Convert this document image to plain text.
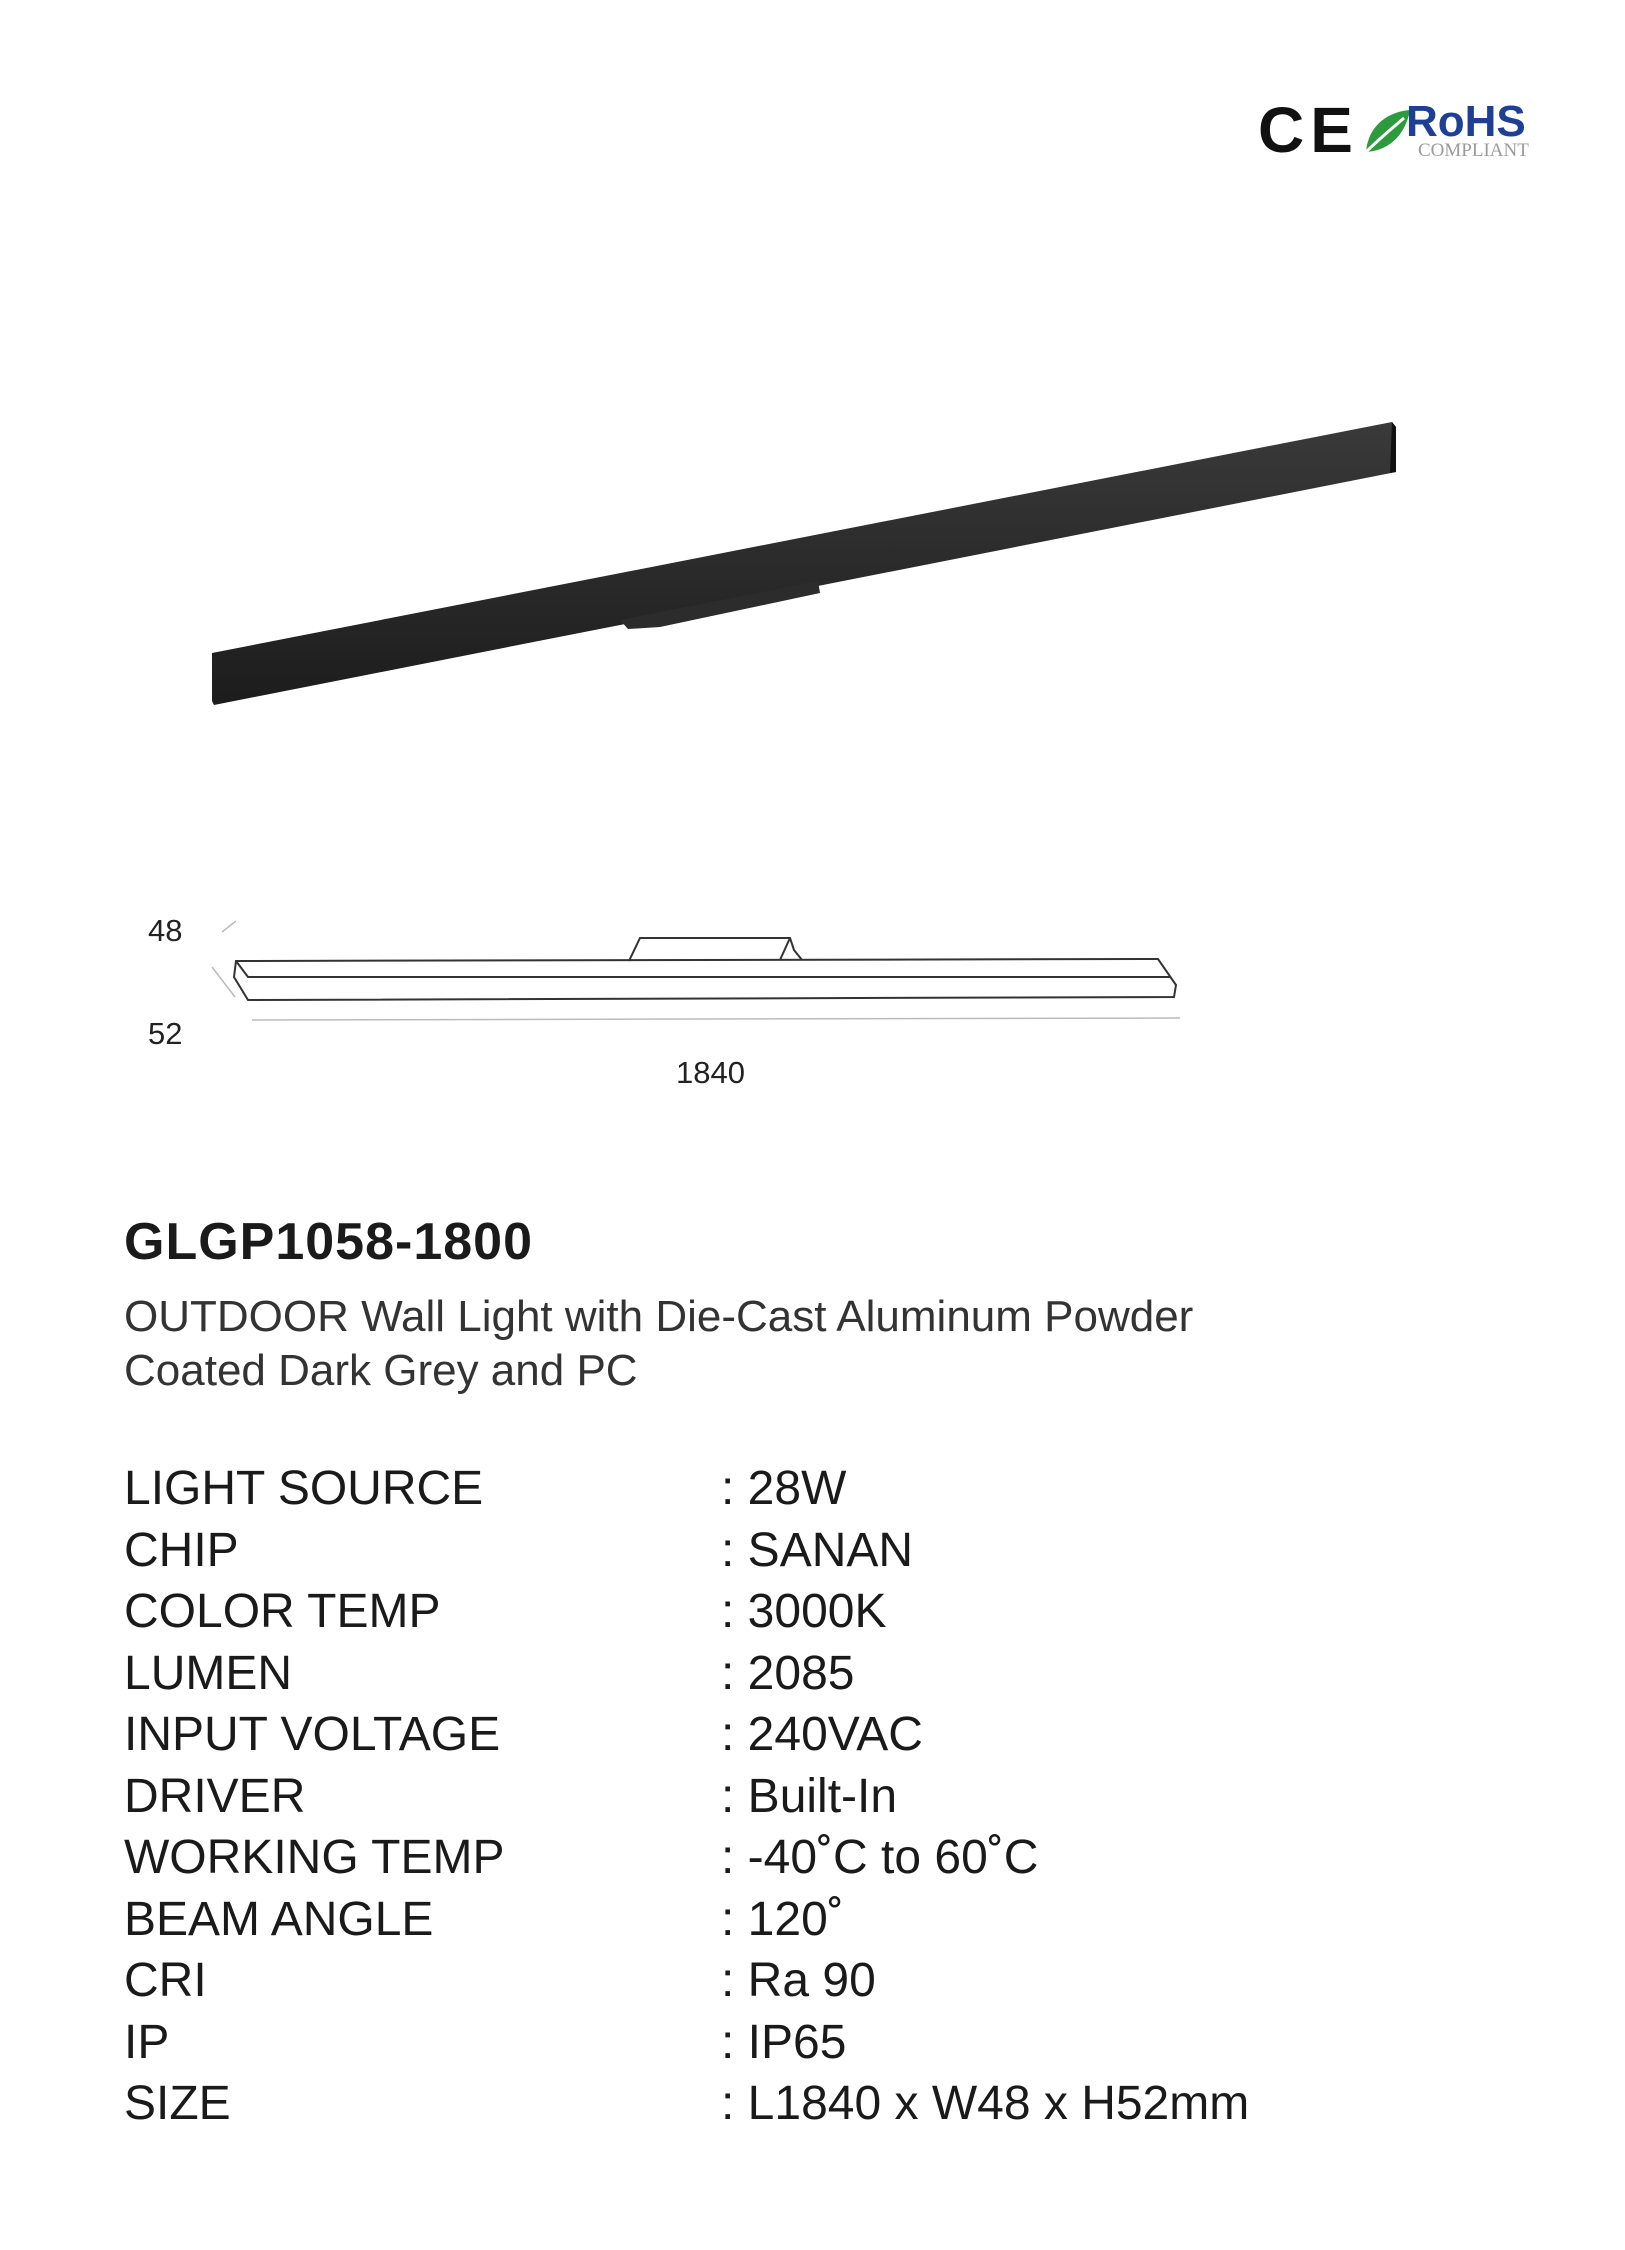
CE RoHS
COMPLIANT
48
52
1840
GLGP1058-1800
OUTDOOR Wall Light with Die-Cast Aluminum Powder
Coated Dark Grey and PC
LIGHT SOURCE	: 28W
CHIP	: SANAN
COLOR TEMP	: 3000K
LUMEN	: 2085
INPUT VOLTAGE	: 240VAC
DRIVER	: Built-In
WORKING TEMP	: -40˚C to 60˚C
BEAM ANGLE	: 120˚
CRI	: Ra 90
IP	: IP65
SIZE	: L1840 x W48 x H52mm
